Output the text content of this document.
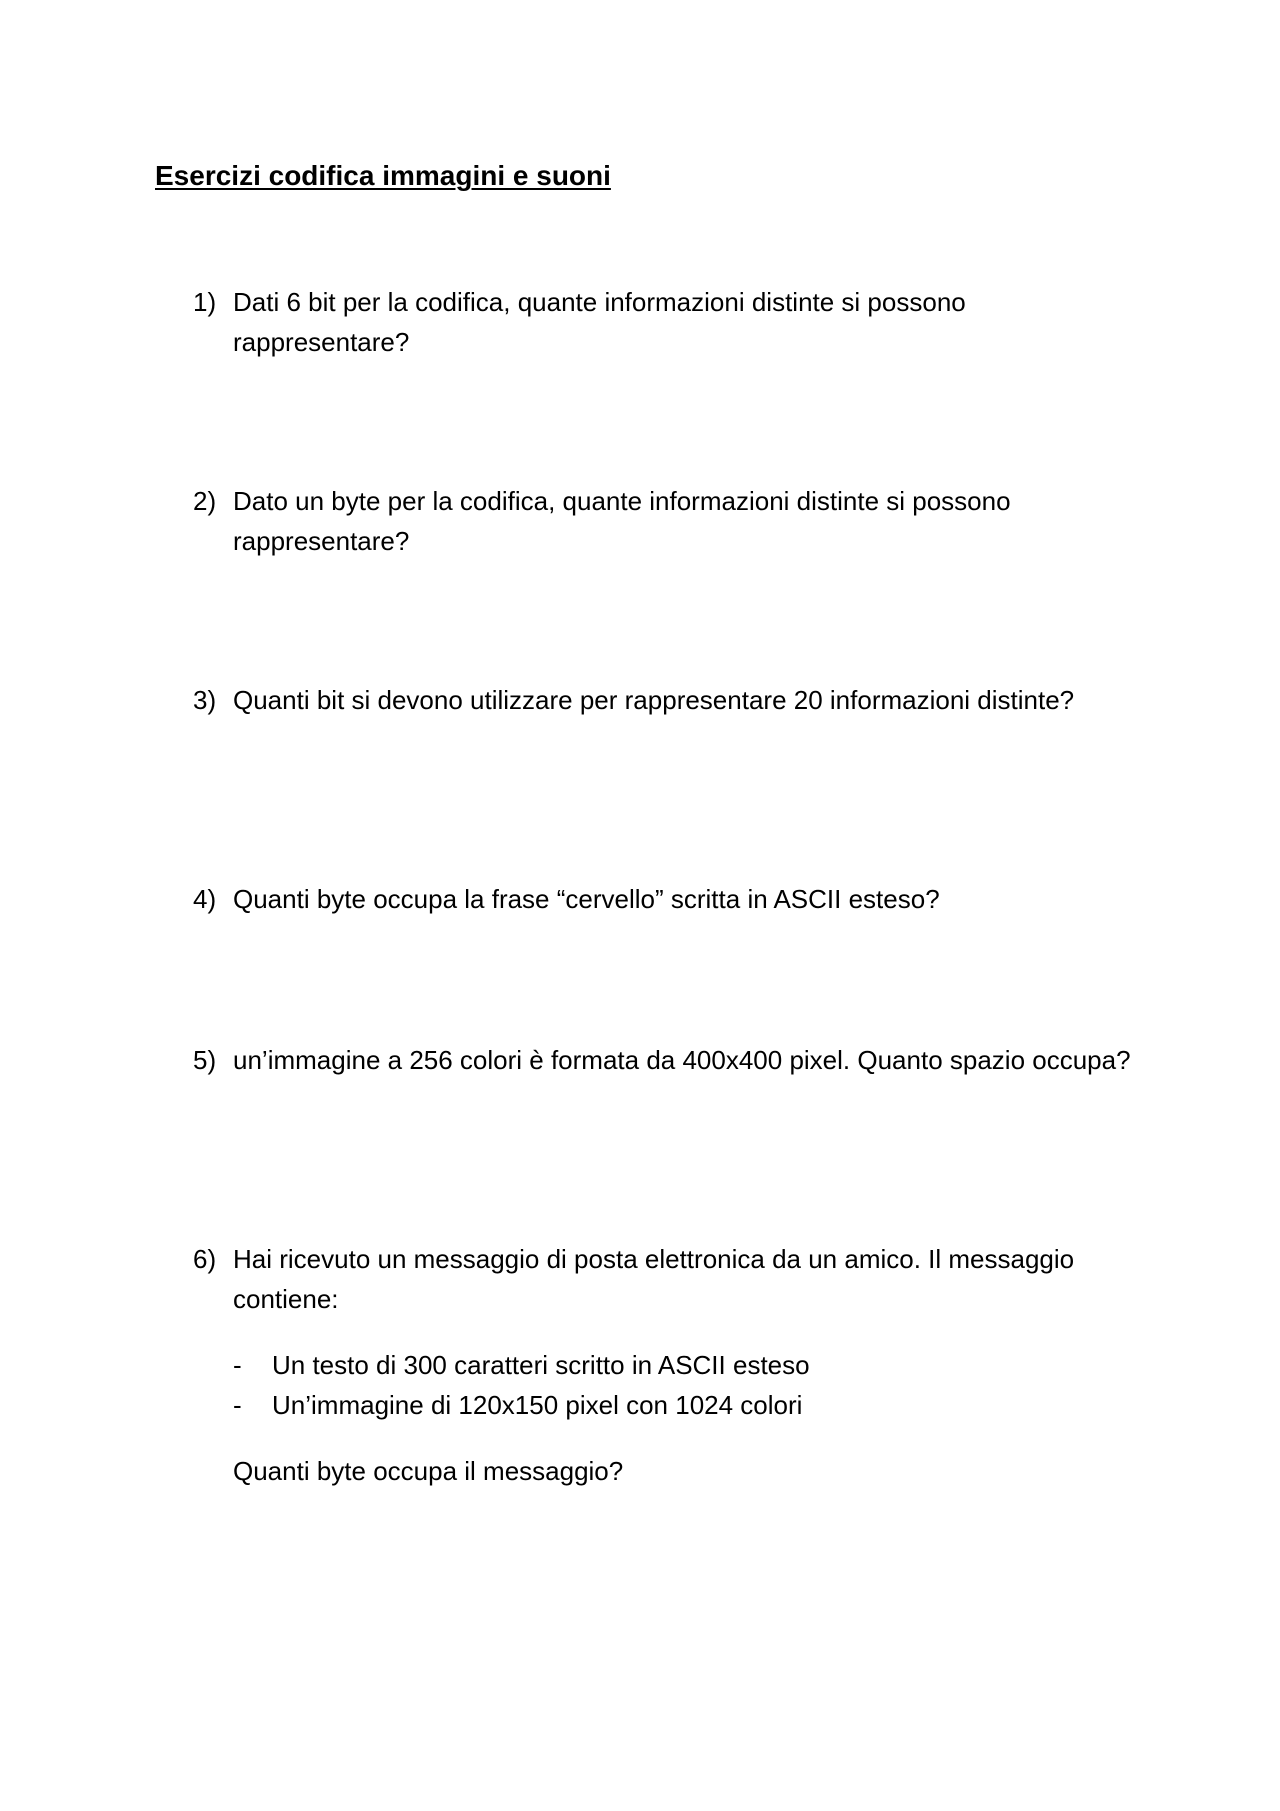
Esercizi codifica immagini e suoni
1) Dati 6 bit per la codifica, quante informazioni distinte si possono rappresentare?
2) Dato un byte per la codifica, quante informazioni distinte si possono rappresentare?
3) Quanti bit si devono utilizzare per rappresentare 20 informazioni distinte?
4) Quanti byte occupa la frase “cervello” scritta in ASCII esteso?
5) un’immagine a 256 colori è formata da 400x400 pixel. Quanto spazio occupa?
6) Hai ricevuto un messaggio di posta elettronica da un amico. Il messaggio contiene:
- Un testo di 300 caratteri scritto in ASCII esteso
- Un’immagine di 120x150 pixel con 1024 colori
Quanti byte occupa il messaggio?
